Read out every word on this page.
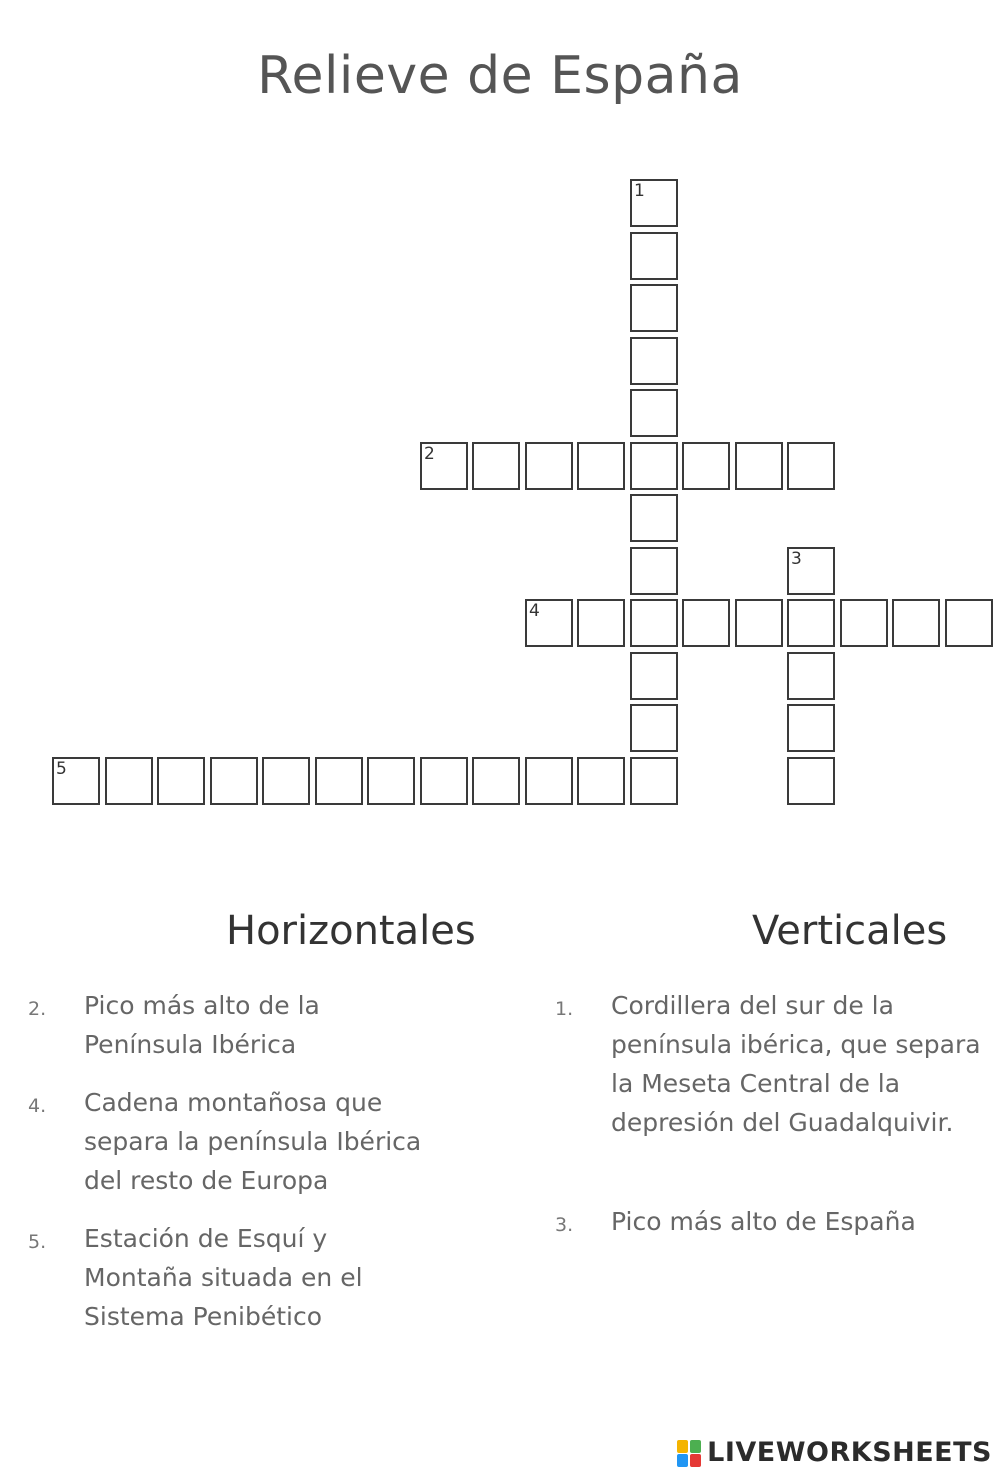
Relieve de España
1
2
3
4
5
Horizontales	Verticales
2. Pico más alto de la Península Ibérica
4. Cadena montañosa que separa la península Ibérica del resto de Europa
5. Estación de Esquí y Montaña situada en el Sistema Penibético
1. Cordillera del sur de la península ibérica, que separa la Meseta Central de la depresión del Guadalquivir.
3. Pico más alto de España
LIVEWORKSHEETS
